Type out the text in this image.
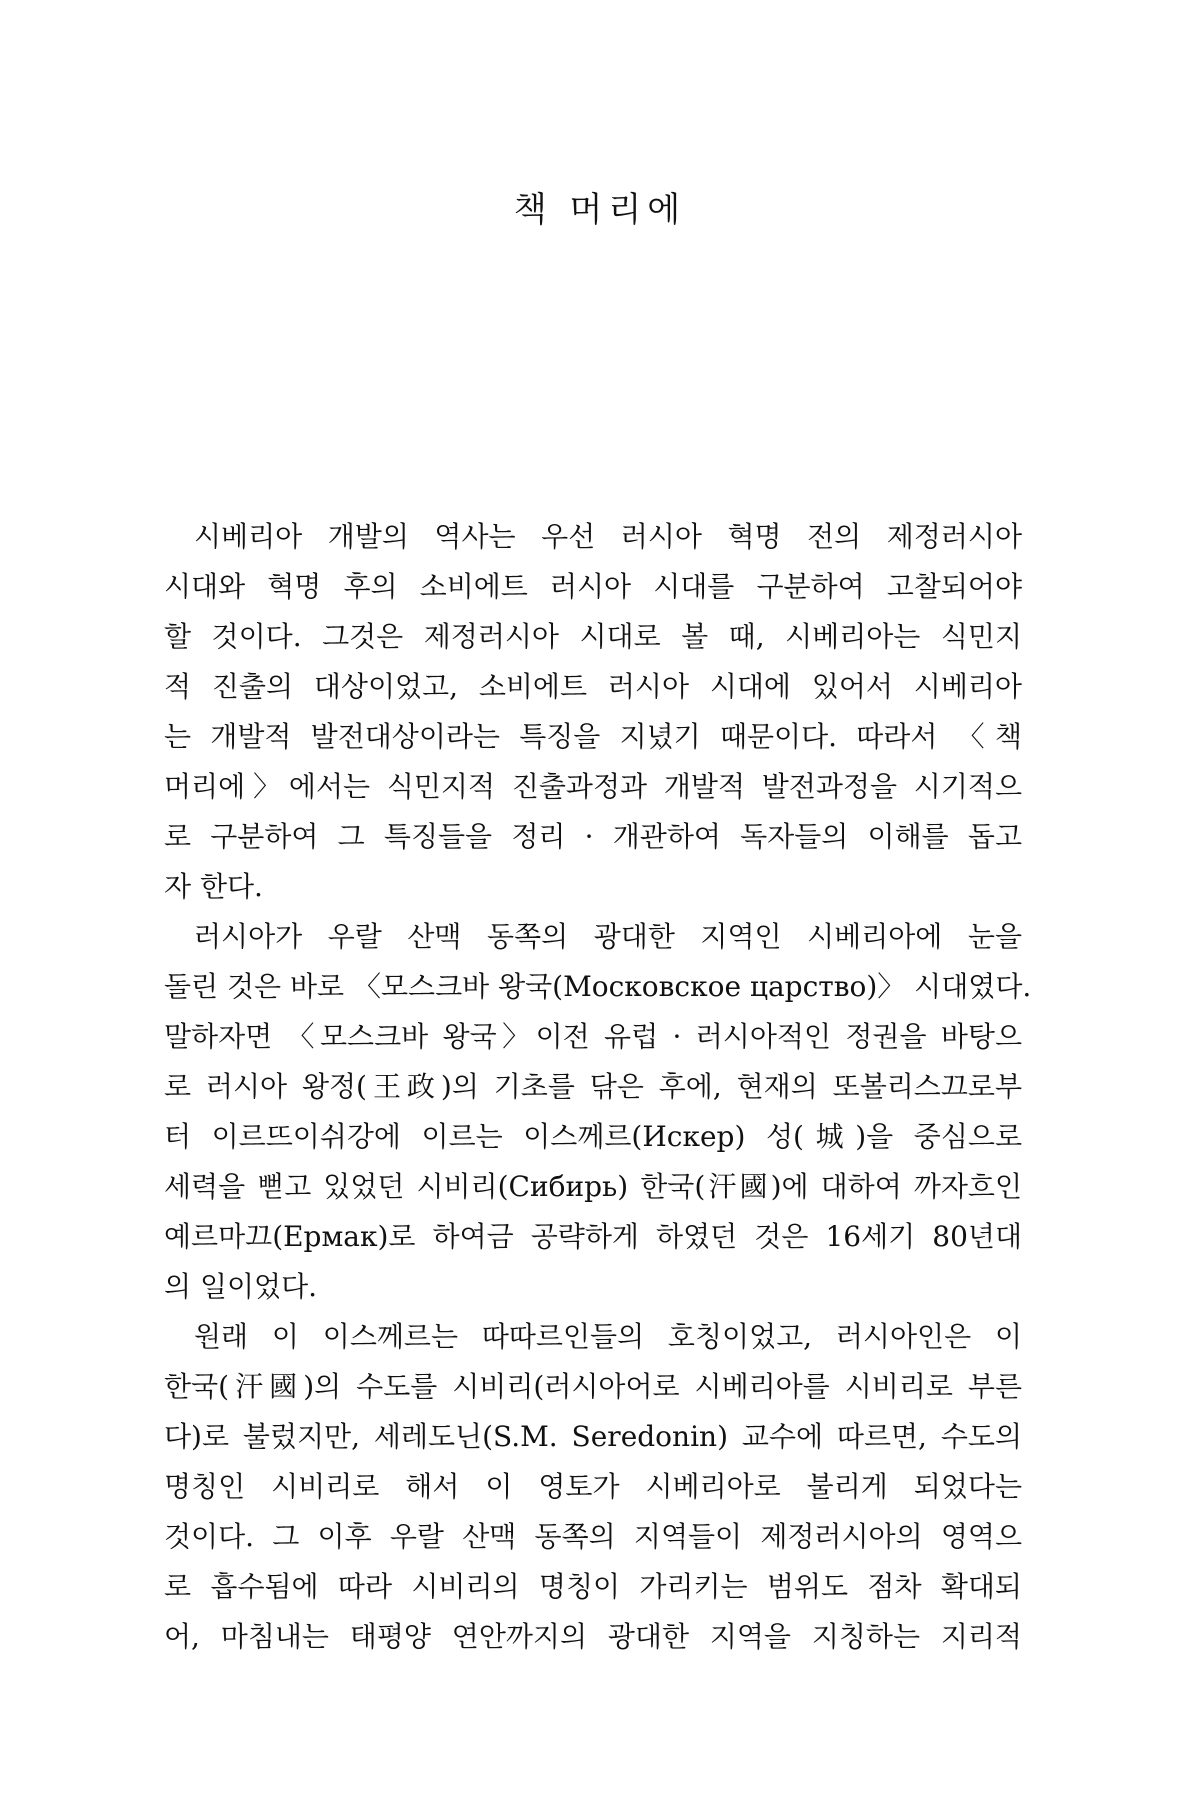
책 머리에
시베리아 개발의 역사는 우선 러시아 혁명 전의 제정러시아
시대와 혁명 후의 소비에트 러시아 시대를 구분하여 고찰되어야
할 것이다. 그것은 제정러시아 시대로 볼 때, 시베리아는 식민지
적 진출의 대상이었고, 소비에트 러시아 시대에 있어서 시베리아
는 개발적 발전대상이라는 특징을 지녔기 때문이다. 따라서 〈책
머리에〉에서는 식민지적 진출과정과 개발적 발전과정을 시기적으
로 구분하여 그 특징들을 정리 · 개관하여 독자들의 이해를 돕고
자 한다.
러시아가 우랄 산맥 동쪽의 광대한 지역인 시베리아에 눈을
돌린 것은 바로 〈모스크바 왕국(Московское царство)〉 시대였다.
말하자면 〈모스크바 왕국〉이전 유럽 · 러시아적인 정권을 바탕으
로 러시아 왕정(王政)의 기초를 닦은 후에, 현재의 또볼리스끄로부
터 이르뜨이쉬강에 이르는 이스께르(Искер) 성(城)을 중심으로
세력을 뻗고 있었던 시비리(Сибирь) 한국(汗國)에 대하여 까자흐인
예르마끄(Ермак)로 하여금 공략하게 하였던 것은 16세기 80년대
의 일이었다.
원래 이 이스께르는 따따르인들의 호칭이었고, 러시아인은 이
한국(汗國)의 수도를 시비리(러시아어로 시베리아를 시비리로 부른
다)로 불렀지만, 세레도닌(S.M. Seredonin) 교수에 따르면, 수도의
명칭인 시비리로 해서 이 영토가 시베리아로 불리게 되었다는
것이다. 그 이후 우랄 산맥 동쪽의 지역들이 제정러시아의 영역으
로 흡수됨에 따라 시비리의 명칭이 가리키는 범위도 점차 확대되
어, 마침내는 태평양 연안까지의 광대한 지역을 지칭하는 지리적
